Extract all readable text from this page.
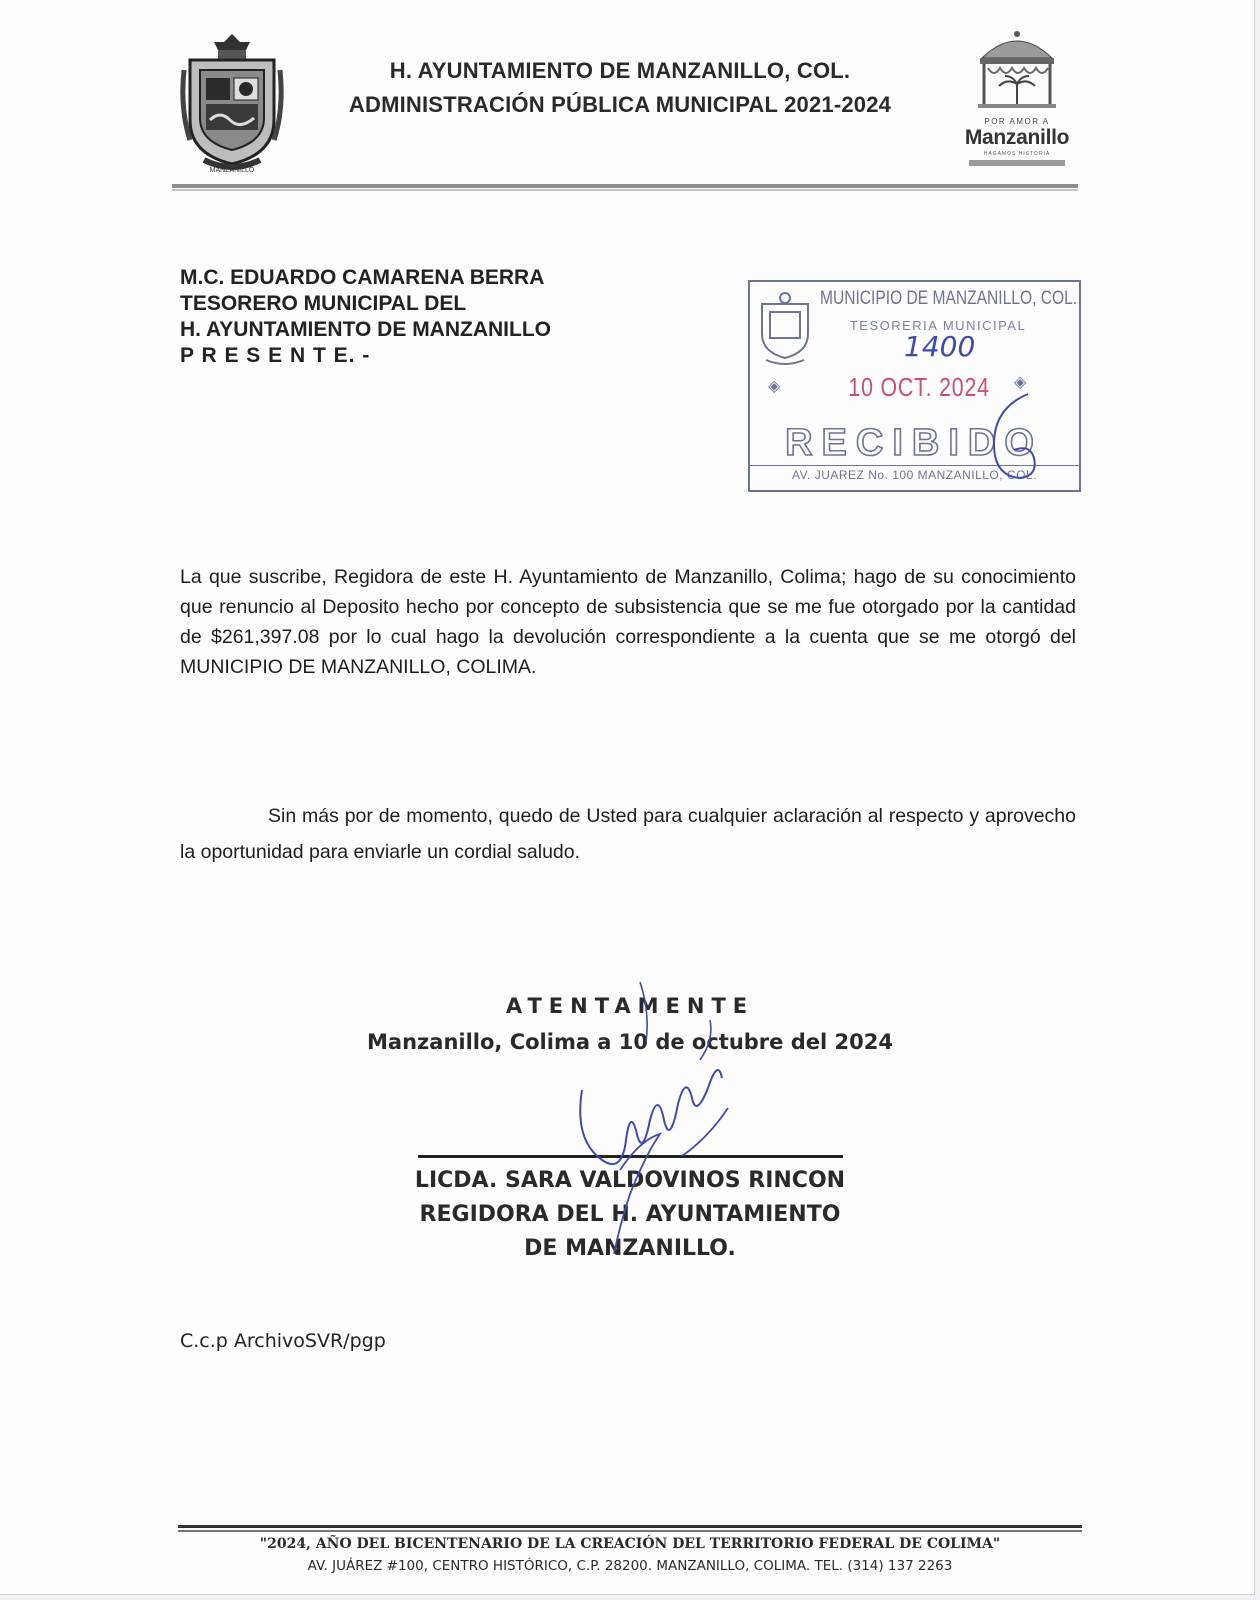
MANZANILLO
H. AYUNTAMIENTO DE MANZANILLO, COL.
ADMINISTRACIÓN PÚBLICA MUNICIPAL 2021-2024
POR AMOR A
Manzanillo
HAGAMOS HISTORIA
M.C. EDUARDO CAMARENA BERRA
TESORERO MUNICIPAL DEL
H. AYUNTAMIENTO DE MANZANILLO
P R E S E N T E. -
MUNICIPIO DE MANZANILLO, COL.
TESORERIA MUNICIPAL
1400
◈	10 OCT. 2024 ◈
RECIBIDO
AV. JUAREZ No. 100 MANZANILLO, COL.
La que suscribe, Regidora de este H. Ayuntamiento de Manzanillo, Colima; hago de su conocimiento que renuncio al Deposito hecho por concepto de subsistencia que se me fue otorgado por la cantidad de $261,397.08 por lo cual hago la devolución correspondiente a la cuenta que se me otorgó del MUNICIPIO DE MANZANILLO, COLIMA.
Sin más por de momento, quedo de Usted para cualquier aclaración al respecto y aprovecho la oportunidad para enviarle un cordial saludo.
ATENTAMENTE
Manzanillo, Colima a 10 de octubre del 2024
LICDA. SARA VALDOVINOS RINCON
REGIDORA DEL H. AYUNTAMIENTO
DE MANZANILLO.
C.c.p ArchivoSVR/pgp
"2024, AÑO DEL BICENTENARIO DE LA CREACIÓN DEL TERRITORIO FEDERAL DE COLIMA"
AV. JUÁREZ #100, CENTRO HISTÓRICO, C.P. 28200. MANZANILLO, COLIMA. TEL. (314) 137 2263
